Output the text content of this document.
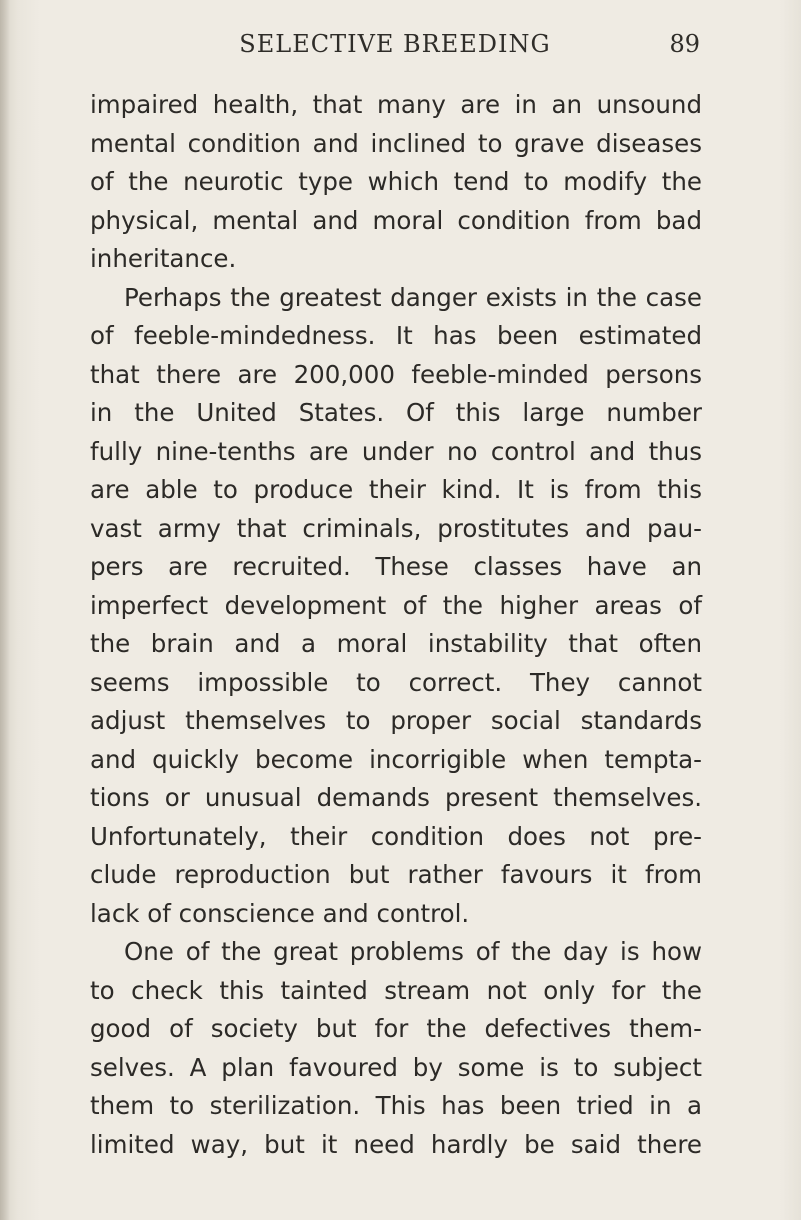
SELECTIVE BREEDING	89
impaired health, that many are in an unsound
mental condition and inclined to grave diseases
of the neurotic type which tend to modify the
physical, mental and moral condition from bad
inheritance.
Perhaps the greatest danger exists in the case
of feeble-mindedness. It has been estimated
that there are 200,000 feeble-minded persons
in the United States. Of this large number
fully nine-tenths are under no control and thus
are able to produce their kind. It is from this
vast army that criminals, prostitutes and pau-
pers are recruited. These classes have an
imperfect development of the higher areas of
the brain and a moral instability that often
seems impossible to correct. They cannot
adjust themselves to proper social standards
and quickly become incorrigible when tempta-
tions or unusual demands present themselves.
Unfortunately, their condition does not pre-
clude reproduction but rather favours it from
lack of conscience and control.
One of the great problems of the day is how
to check this tainted stream not only for the
good of society but for the defectives them-
selves. A plan favoured by some is to subject
them to sterilization. This has been tried in a
limited way, but it need hardly be said there
